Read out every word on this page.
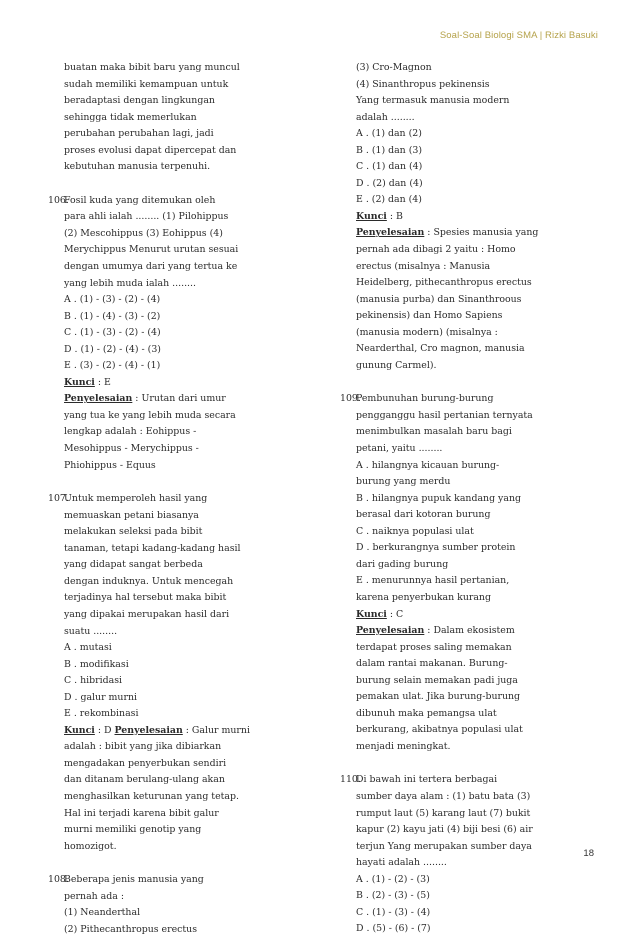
Soal-Soal Biologi SMA | Rizki Basuki
buatan maka bibit baru yang muncul
sudah memiliki kemampuan untuk
beradaptasi dengan lingkungan
sehingga tidak memerlukan
perubahan perubahan lagi, jadi
proses evolusi dapat dipercepat dan
kebutuhan manusia terpenuhi.
106.Fosil kuda yang ditemukan oleh
para ahli ialah ........ (1) Pilohippus
(2) Mescohippus (3) Eohippus (4)
Merychippus Menurut urutan sesuai
dengan umumya dari yang tertua ke
yang lebih muda ialah ........
A . (1) - (3) - (2) - (4)
B . (1) - (4) - (3) - (2)
C . (1) - (3) - (2) - (4)
D . (1) - (2) - (4) - (3)
E . (3) - (2) - (4) - (1)
Kunci : E
Penyelesaian : Urutan dari umur
yang tua ke yang lebih muda secara
lengkap adalah : Eohippus -
Mesohippus - Merychippus -
Phiohippus - Equus
107.Untuk memperoleh hasil yang
memuaskan petani biasanya
melakukan seleksi pada bibit
tanaman, tetapi kadang-kadang hasil
yang didapat sangat berbeda
dengan induknya. Untuk mencegah
terjadinya hal tersebut maka bibit
yang dipakai merupakan hasil dari
suatu ........
A . mutasi
B . modifikasi
C . hibridasi
D . galur murni
E . rekombinasi
Kunci : D Penyelesaian : Galur murni
adalah : bibit yang jika dibiarkan
mengadakan penyerbukan sendiri
dan ditanam berulang-ulang akan
menghasilkan keturunan yang tetap.
Hal ini terjadi karena bibit galur
murni memiliki genotip yang
homozigot.
108.Beberapa jenis manusia yang
pernah ada :
(1) Neanderthal
(2) Pithecanthropus erectus
(3) Cro-Magnon
(4) Sinanthropus pekinensis
Yang termasuk manusia modern
adalah ........
A . (1) dan (2)
B . (1) dan (3)
C . (1) dan (4)
D . (2) dan (4)
E . (2) dan (4)
Kunci : B
Penyelesaian : Spesies manusia yang
pernah ada dibagi 2 yaitu : Homo
erectus (misalnya : Manusia
Heidelberg, pithecanthropus erectus
(manusia purba) dan Sinanthroous
pekinensis) dan Homo Sapiens
(manusia modern) (misalnya :
Nearderthal, Cro magnon, manusia
gunung Carmel).
109.Pembunuhan burung-burung
pengganggu hasil pertanian ternyata
menimbulkan masalah baru bagi
petani, yaitu ........
A . hilangnya kicauan burung-
burung yang merdu
B . hilangnya pupuk kandang yang
berasal dari kotoran burung
C . naiknya populasi ulat
D . berkurangnya sumber protein
dari gading burung
E . menurunnya hasil pertanian,
karena penyerbukan kurang
Kunci : C
Penyelesaian : Dalam ekosistem
terdapat proses saling memakan
dalam rantai makanan. Burung-
burung selain memakan padi juga
pemakan ulat. Jika burung-burung
dibunuh maka pemangsa ulat
berkurang, akibatnya populasi ulat
menjadi meningkat.
110.Di bawah ini tertera berbagai
sumber daya alam : (1) batu bata (3)
rumput laut (5) karang laut (7) bukit
kapur (2) kayu jati (4) biji besi (6) air
terjun Yang merupakan sumber daya
hayati adalah ........
A . (1) - (2) - (3)
B . (2) - (3) - (5)
C . (1) - (3) - (4)
D . (5) - (6) - (7)
18
